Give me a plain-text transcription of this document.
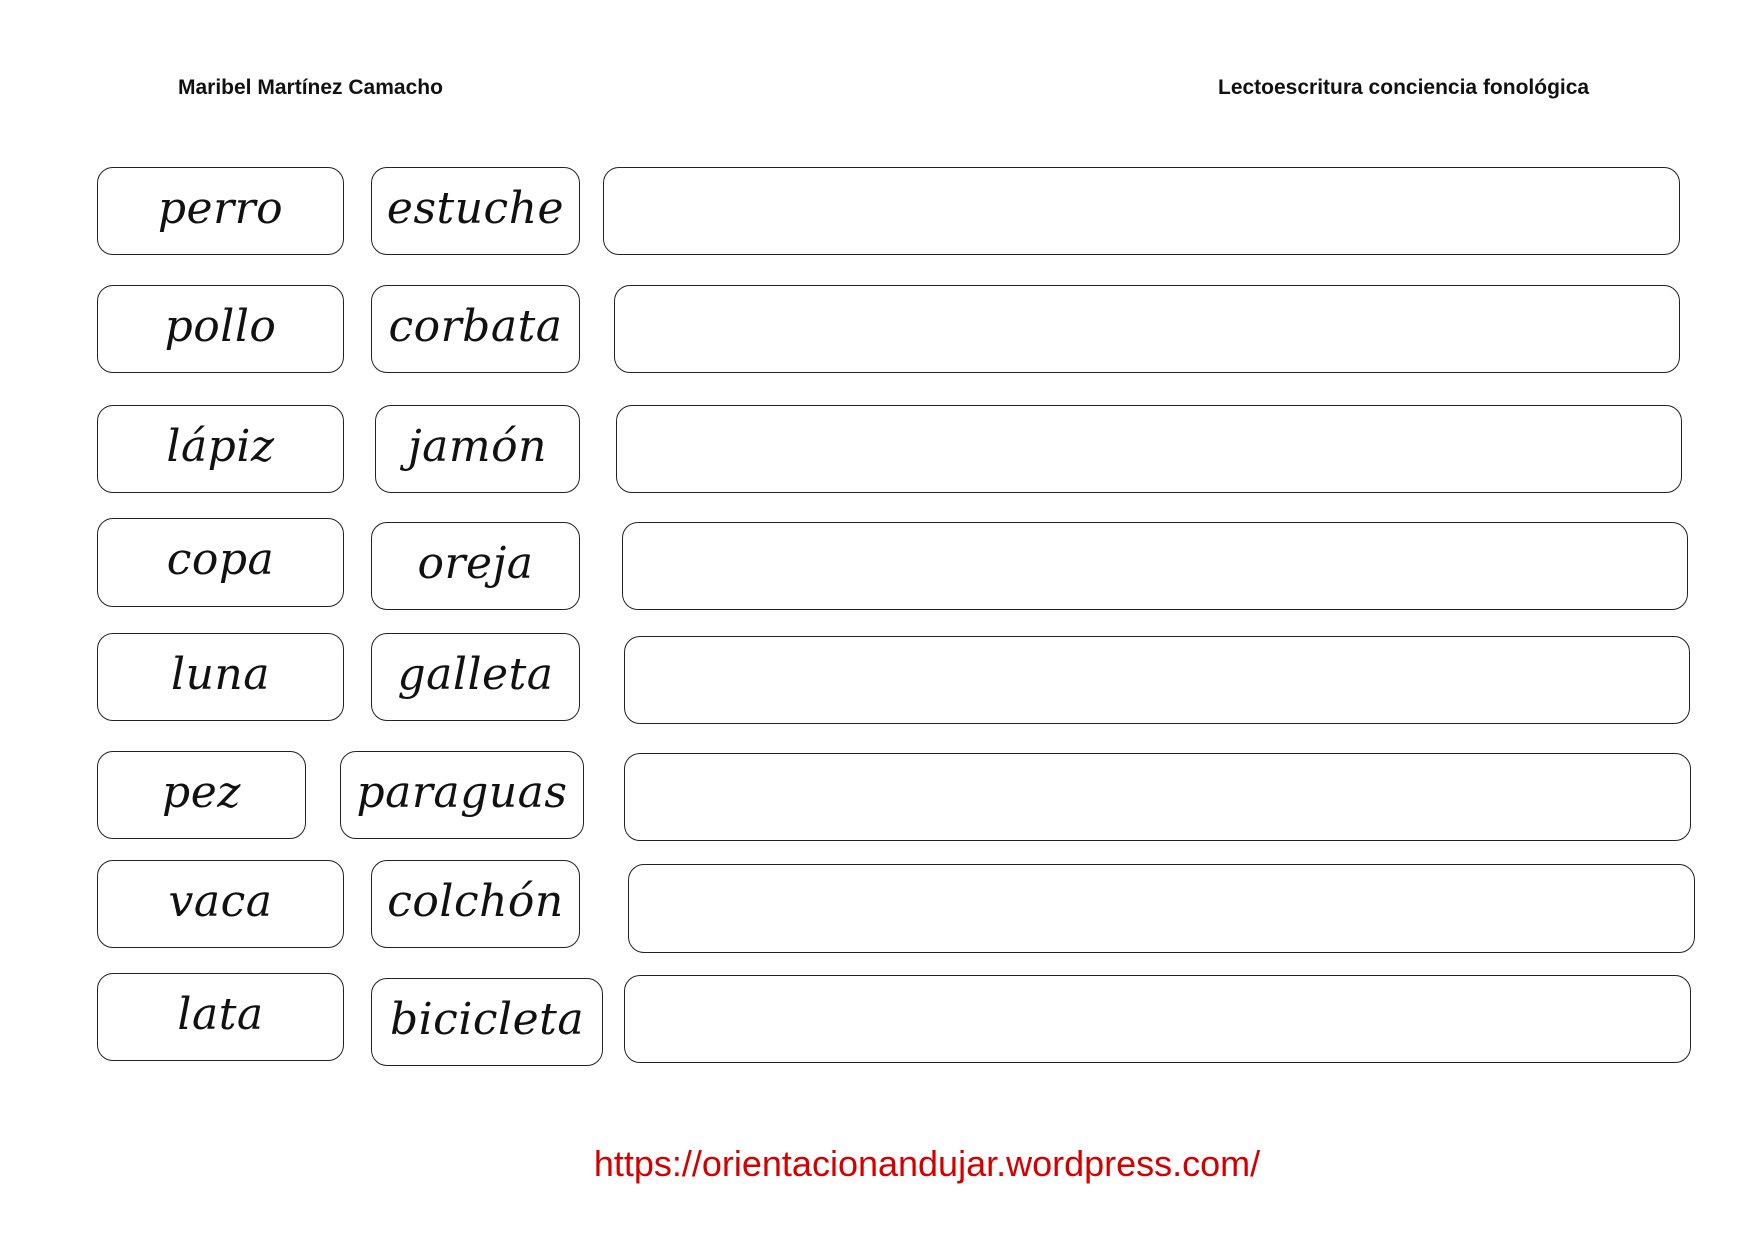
Maribel Martínez Camacho	Lectoescritura conciencia fonológica
perro	estuche
pollo	corbata
lápiz	jamón
copa	oreja
luna	galleta
pez	paraguas
vaca	colchón
lata	bicicleta
https://orientacionandujar.wordpress.com/
